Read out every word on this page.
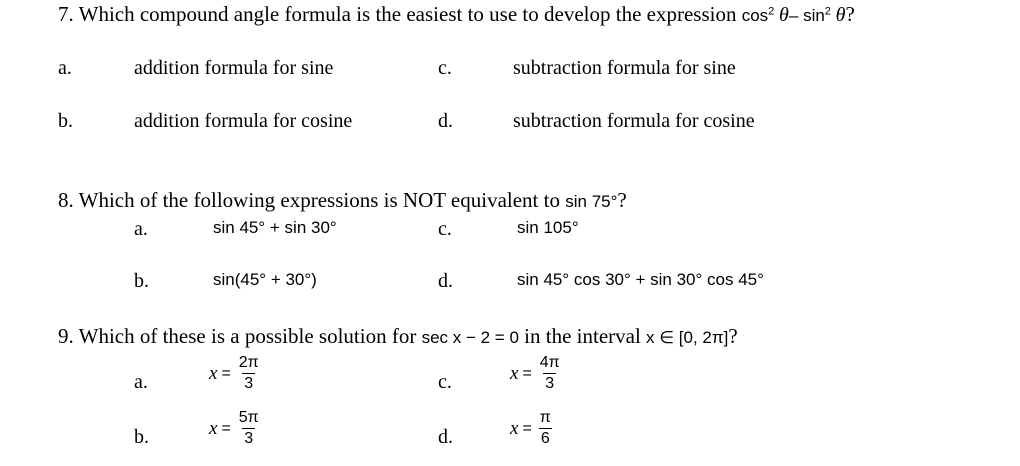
7. Which compound angle formula is the easiest to use to develop the expression $\cos^2 \theta-$ $\sin^2 \theta$?
a.	addition formula for sine	c.	subtraction formula for sine
b.	addition formula for cosine	d.	subtraction formula for cosine
8. Which of the following expressions is NOT equivalent to sin 75°?
a.	sin 45° + sin 30°	c.	sin 105°
b.	sin(45° + 30°)	d.	sin 45° cos 30° + sin 30° cos 45°
9. Which of these is a possible solution for sec x − 2 = 0 in the interval x ∈ [0, 2π]?
a.	$x = \frac{2\pi}{3}$	c.	$x = \frac{4\pi}{3}$
b.	$x = \frac{5\pi}{3}$	d.	$x = \frac{\pi}{6}$
